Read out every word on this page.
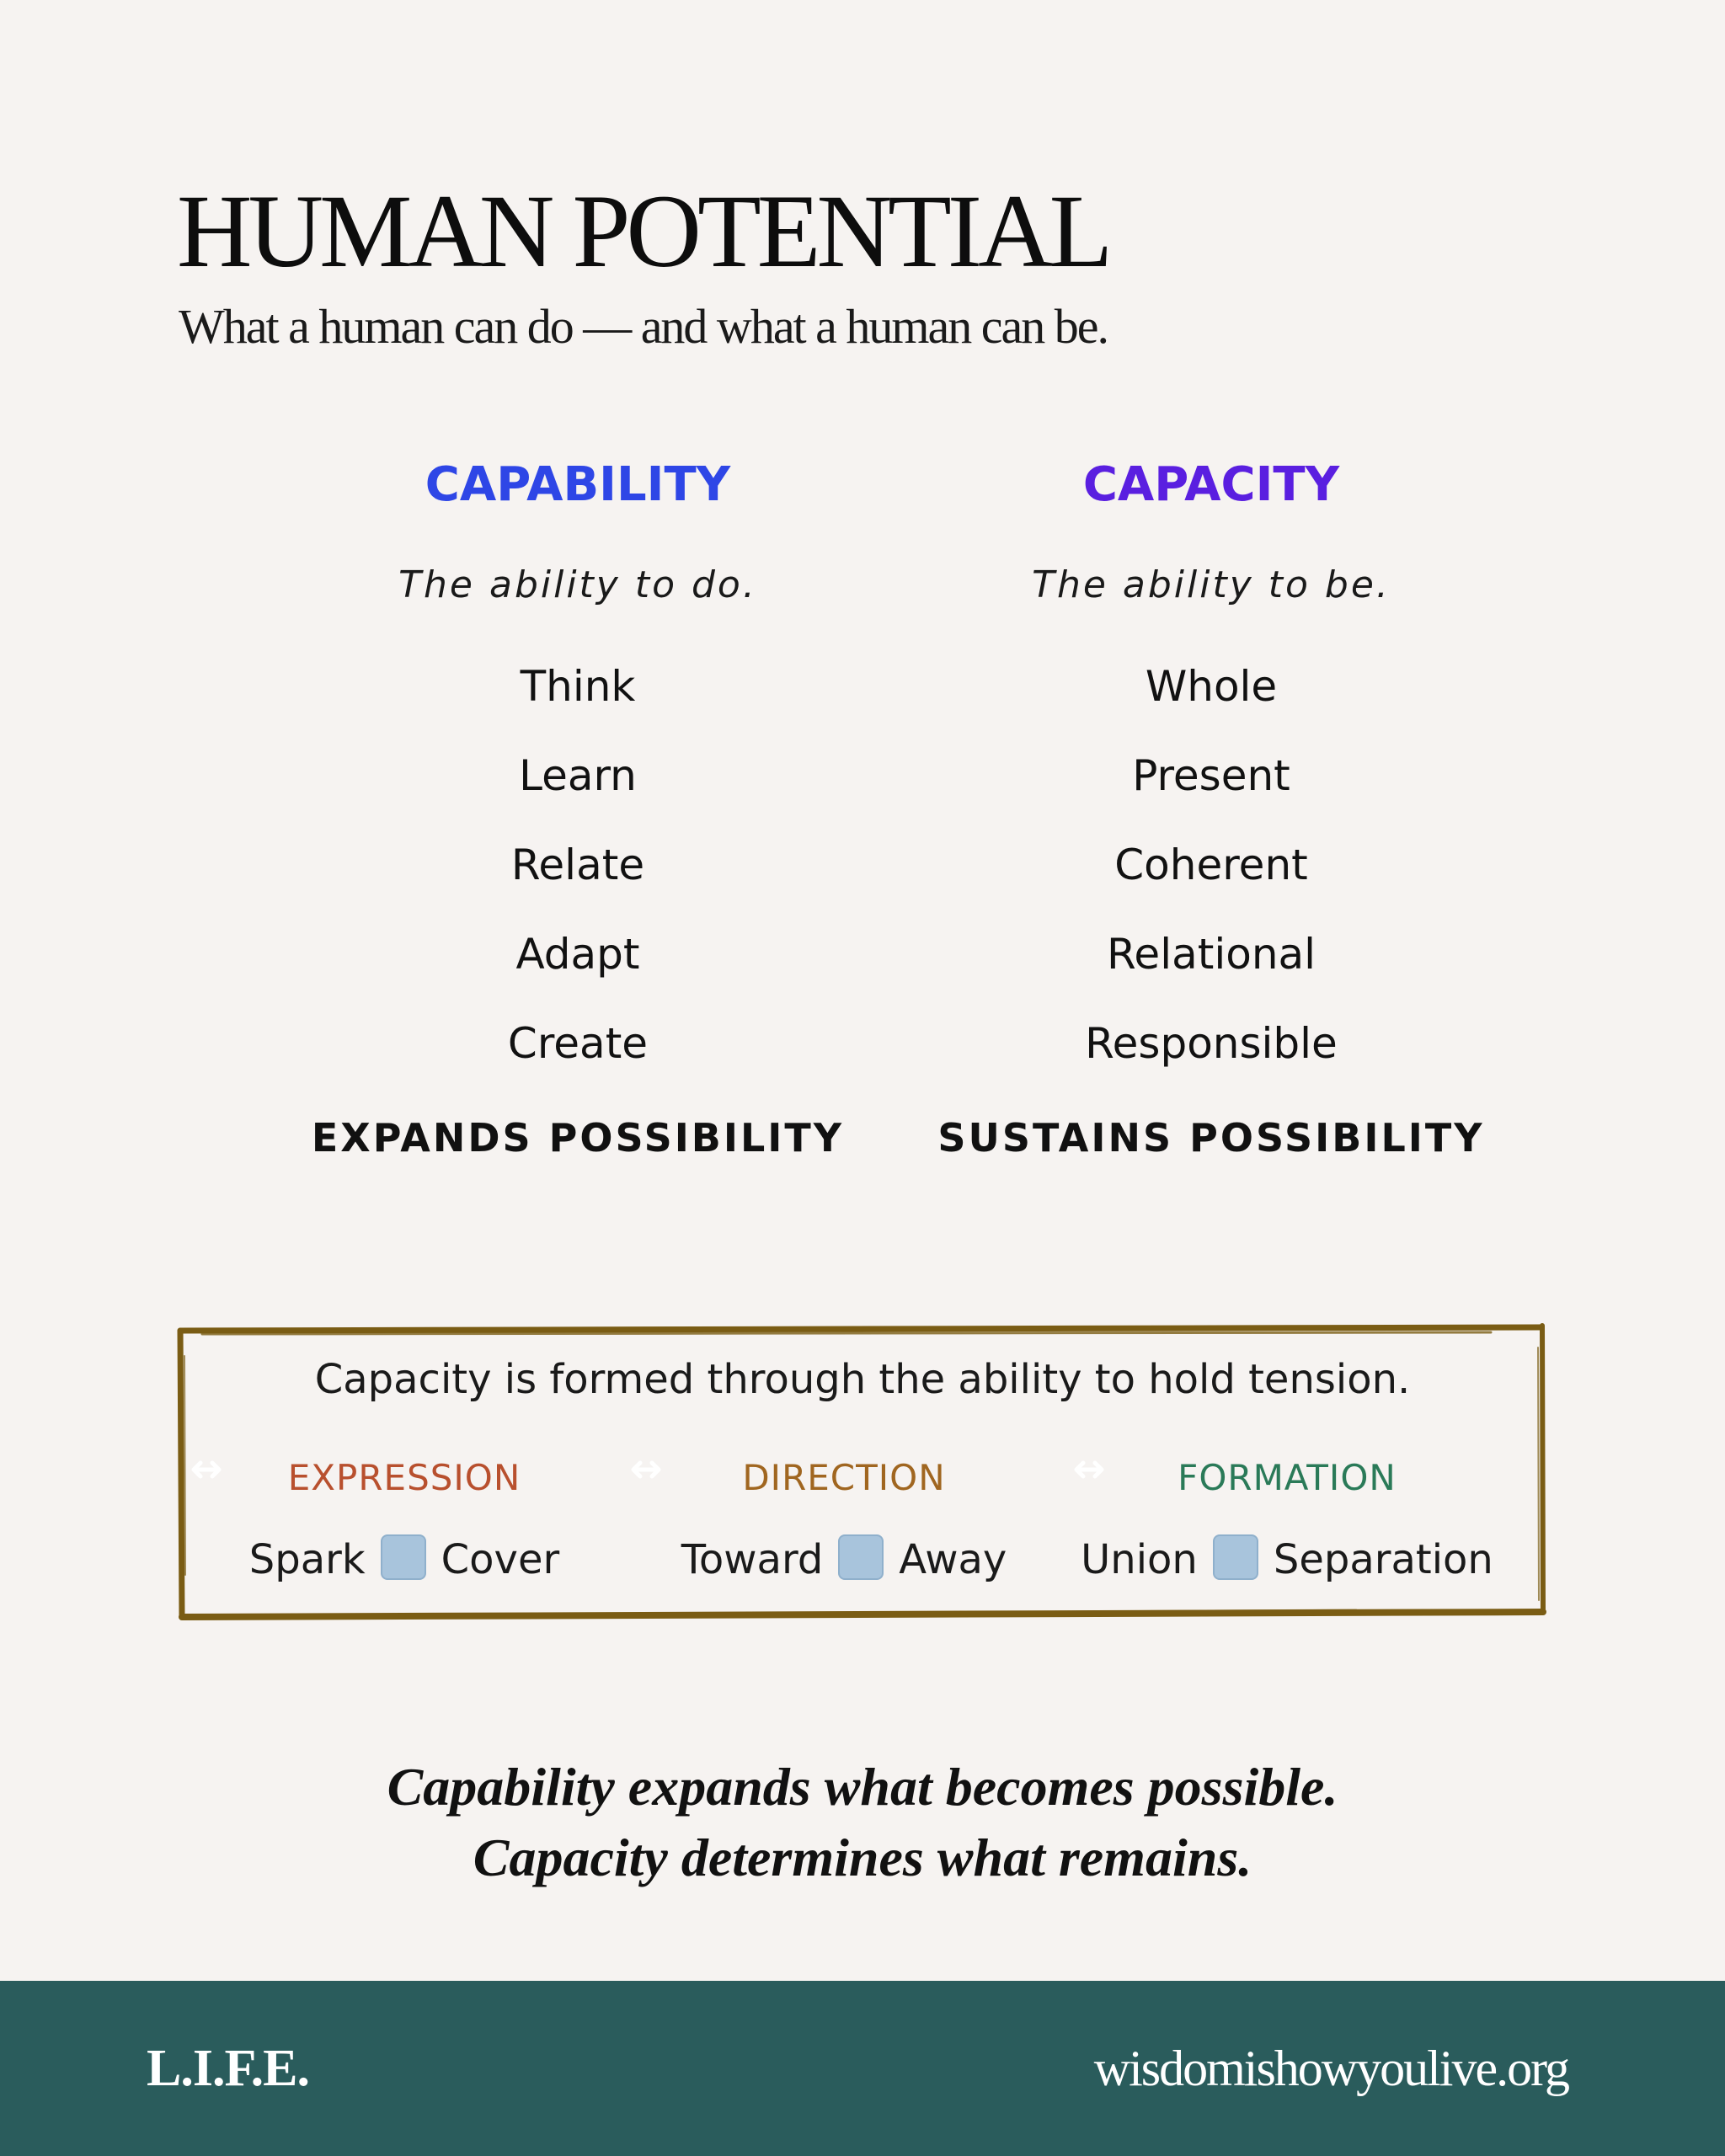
HUMAN POTENTIAL

What a human can do — and what a human can be.

CAPABILITY
The ability to do.
Think
Learn
Relate
Adapt
Create
EXPANDS POSSIBILITY
CAPACITY
The ability to be.
Whole
Present
Coherent
Relational
Responsible
SUSTAINS POSSIBILITY
Capacity is formed through the ability to hold tension.
EXPRESSION
Spark Cover
DIRECTION
Toward Away
FORMATION
Union Separation
Capability expands what becomes possible.
Capacity determines what remains.
L.I.F.E.	wisdomishowyoulive.org
